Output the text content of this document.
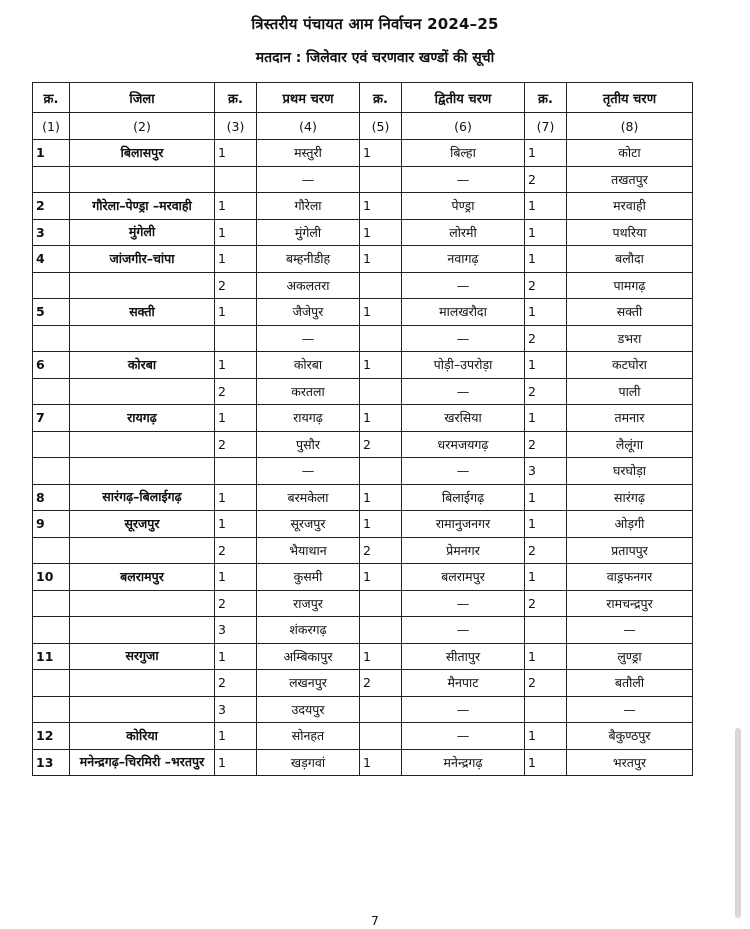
त्रिस्तरीय पंचायत आम निर्वाचन 2024–25
मतदान : जिलेवार एवं चरणवार खण्डों की सूची
क्र.	जिला	क्र.	प्रथम चरण	क्र.	द्वितीय चरण	क्र.	तृतीय चरण
(1)	(2)	(3)	(4)	(5)	(6)	(7)	(8)
1	बिलासपुर	1	मस्तुरी	1	बिल्हा	1	कोटा
			—		—	2	तखतपुर
2	गौरेला–पेण्ड्रा –मरवाही	1	गौरेला	1	पेण्ड्रा	1	मरवाही
3	मुंगेली	1	मुंगेली	1	लोरमी	1	पथरिया
4	जांजगीर–चांपा	1	बम्हनीडीह	1	नवागढ़	1	बलौदा
		2	अकलतरा		—	2	पामगढ़
5	सक्ती	1	जैजेपुर	1	मालखरौदा	1	सक्ती
			—		—	2	डभरा
6	कोरबा	1	कोरबा	1	पोड़ी–उपरोड़ा	1	कटघोरा
		2	करतला		—	2	पाली
7	रायगढ़	1	रायगढ़	1	खरसिया	1	तमनार
		2	पुसौर	2	धरमजयगढ़	2	लैलूंगा
			—		—	3	घरघोड़ा
8	सारंगढ़–बिलाईगढ़	1	बरमकेला	1	बिलाईगढ़	1	सारंगढ़
9	सूरजपुर	1	सूरजपुर	1	रामानुजनगर	1	ओड़गी
		2	भैयाथान	2	प्रेमनगर	2	प्रतापपुर
10	बलरामपुर	1	कुसमी	1	बलरामपुर	1	वाड्रफनगर
		2	राजपुर		—	2	रामचन्द्रपुर
		3	शंकरगढ़		—		—
11	सरगुजा	1	अम्बिकापुर	1	सीतापुर	1	लुण्ड्रा
		2	लखनपुर	2	मैनपाट	2	बतौली
		3	उदयपुर		—		—
12	कोरिया	1	सोनहत		—	1	बैकुण्ठपुर
13	मनेन्द्रगढ़–चिरमिरी –भरतपुर	1	खड़गवां	1	मनेन्द्रगढ़	1	भरतपुर
7
